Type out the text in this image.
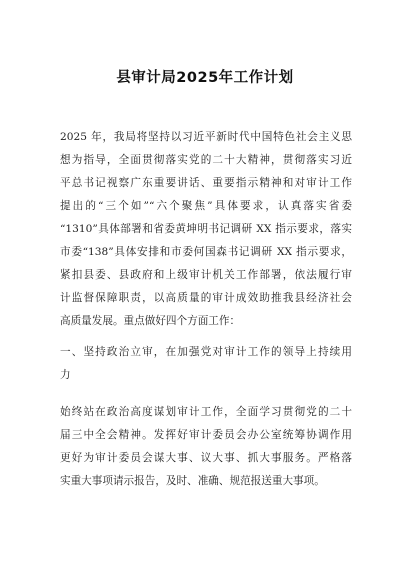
县审计局2025年工作计划
2025 年，我局将坚持以习近平新时代中国特色社会主义思
想为指导，全面贯彻落实党的二十大精神，贯彻落实习近
平总书记视察广东重要讲话、重要指示精神和对审计工作
提出的“三个如”“六个聚焦”具体要求，认真落实省委
“1310”具体部署和省委黄坤明书记调研 XX 指示要求，落实
市委“138”具体安排和市委何国森书记调研 XX 指示要求，
紧扣县委、县政府和上级审计机关工作部署，依法履行审
计监督保障职责，以高质量的审计成效助推我县经济社会
高质量发展。重点做好四个方面工作：
一、坚持政治立审，在加强党对审计工作的领导上持续用
力
始终站在政治高度谋划审计工作，全面学习贯彻党的二十
届三中全会精神。发挥好审计委员会办公室统筹协调作用
更好为审计委员会谋大事、议大事、抓大事服务。严格落
实重大事项请示报告，及时、准确、规范报送重大事项。
